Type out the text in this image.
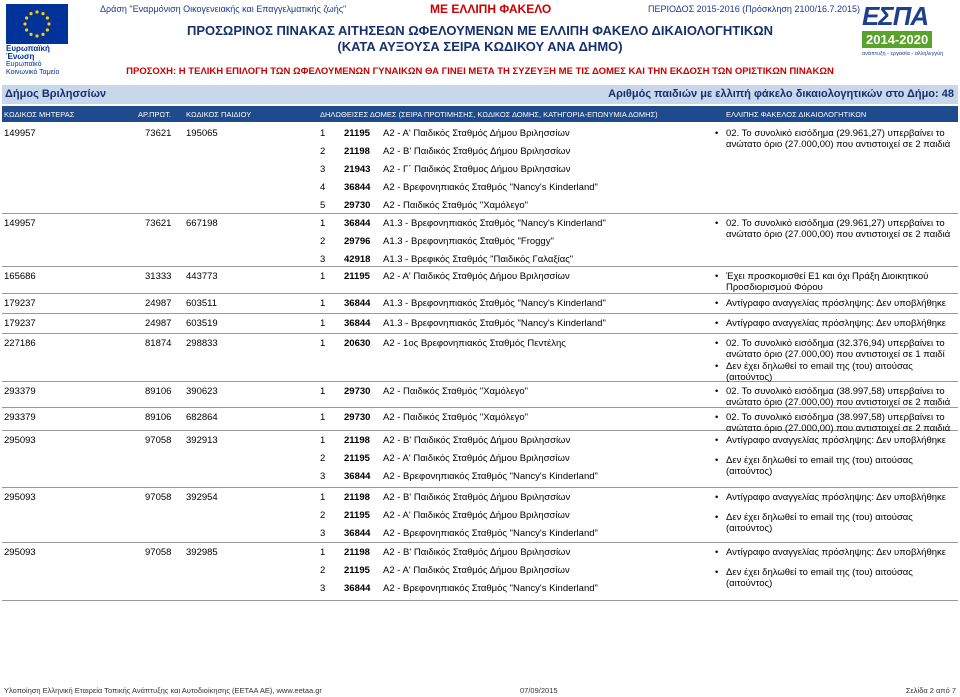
Ευρωπαϊκή Ένωση
Ευρωπαϊκό Κοινωνικό Ταμείο
Δράση "Εναρμόνιση Οικογενειακής και Επαγγελματικής ζωής"	ΜΕ ΕΛΛΙΠΗ ΦΑΚΕΛΟ	ΠΕΡΙΟΔΟΣ 2015-2016 (Πρόσκληση 2100/16.7.2015) ΕΣΠΑ
2014-2020
ανάπτυξη - εργασία - αλληλεγγύη
ΠΡΟΣΩΡΙΝΟΣ ΠΙΝΑΚΑΣ ΑΙΤΗΣΕΩΝ ΩΦΕΛΟΥΜΕΝΩΝ ΜΕ ΕΛΛΙΠΗ ΦΑΚΕΛΟ ΔΙΚΑΙΟΛΟΓΗΤΙΚΩΝ
(ΚΑΤΑ ΑΥΞΟΥΣΑ ΣΕΙΡΑ ΚΩΔΙΚΟΥ ΑΝΑ ΔΗΜΟ)
ΠΡΟΣΟΧΗ: Η ΤΕΛΙΚΗ ΕΠΙΛΟΓΗ ΤΩΝ ΩΦΕΛΟΥΜΕΝΩΝ ΓΥΝΑΙΚΩΝ ΘΑ ΓΙΝΕΙ ΜΕΤΑ ΤΗ ΣΥΖΕΥΞΗ ΜΕ ΤΙΣ ΔΟΜΕΣ ΚΑΙ ΤΗΝ ΕΚΔΟΣΗ ΤΩΝ ΟΡΙΣΤΙΚΩΝ ΠΙΝΑΚΩΝ
Δήμος Βριλησσίων	Αριθμός παιδιών με ελλιπή φάκελο δικαιολογητικών στο Δήμο: 48
ΚΩΔΙΚΟΣ ΜΗΤΕΡΑΣ	ΑΡ.ΠΡΩΤ. ΚΩΔΙΚΟΣ ΠΑΙΔΙΟΥ	ΔΗΛΩΘΕΙΣΕΣ ΔΟΜΕΣ (ΣΕΙΡΑ ΠΡΟΤΙΜΗΣΗΣ, ΚΩΔΙΚΟΣ ΔΟΜΗΣ, ΚΑΤΗΓΟΡΙΑ-ΕΠΩΝΥΜΙΑ ΔΟΜΗΣ)	ΕΛΛΙΠΗΣ ΦΑΚΕΛΟΣ ΔΙΚΑΙΟΛΟΓΗΤΙΚΩΝ
149957	73621 195065	1 21195 Α2 - Α' Παιδικός Σταθμός Δήμου Βριλησσίων
2 21198 Α2 - Β' Παιδικός Σταθμός Δήμου Βριλησσίων
3 21943 Α2 - Γ΄ Παιδικός Σταθμος Δήμου Βριλησσίων
4 36844 Α2 - Βρεφονηπιακός Σταθμός "Nancy's Kinderland"
5 29730 Α2 - Παιδικός Σταθμός "Χαμόλεγο"
• 02. Το συνολικό εισόδημα (29.961,27) υπερβαίνει το ανώτατο όριο (27.000,00) που αντιστοιχεί σε 2 παιδιά
149957	73621 667198	1 36844 Α1.3 - Βρεφονηπιακός Σταθμός "Nancy's Kinderland"
2 29796 Α1.3 - Βρεφονηπιακός Σταθμός "Froggy"
3 42918 Α1.3 - Βρεφικός Σταθμός "Παιδικός Γαλαξίας"
• 02. Το συνολικό εισόδημα (29.961,27) υπερβαίνει το ανώτατο όριο (27.000,00) που αντιστοιχεί σε 2 παιδιά
165686	31333 443773	1 21195 Α2 - Α' Παιδικός Σταθμός Δήμου Βριλησσίων	• Έχει προσκομισθεί Ε1 και όχι Πράξη Διοικητικού Προσδιορισμού Φόρου
179237	24987 603511	1 36844 Α1.3 - Βρεφονηπιακός Σταθμός "Nancy's Kinderland"	• Αντίγραφο αναγγελίας πρόσληψης: Δεν υποβλήθηκε
179237	24987 603519	1 36844 Α1.3 - Βρεφονηπιακός Σταθμός "Nancy's Kinderland"	• Αντίγραφο αναγγελίας πρόσληψης: Δεν υποβλήθηκε
227186	81874 298833	1 20630 Α2 - 1ος Βρεφονηπιακός Σταθμός Πεντέλης	• 02. Το συνολικό εισόδημα (32.376,94) υπερβαίνει το ανώτατο όριο (27.000,00) που αντιστοιχεί σε 1 παιδί
• Δεν έχει δηλωθεί το email της (του) αιτούσας (αιτούντος)
293379	89106 390623	1 29730 Α2 - Παιδικός Σταθμός "Χαμόλεγο"	• 02. Το συνολικό εισόδημα (38.997,58) υπερβαίνει το ανώτατο όριο (27.000,00) που αντιστοιχεί σε 2 παιδιά
293379	89106 682864	1 29730 Α2 - Παιδικός Σταθμός "Χαμόλεγο"	• 02. Το συνολικό εισόδημα (38.997,58) υπερβαίνει το ανώτατο όριο (27.000,00) που αντιστοιχεί σε 2 παιδιά
295093	97058 392913	1 21198 Α2 - Β' Παιδικός Σταθμός Δήμου Βριλησσίων
2 21195 Α2 - Α' Παιδικός Σταθμός Δήμου Βριλησσίων
3 36844 Α2 - Βρεφονηπιακός Σταθμός "Nancy's Kinderland"
• Αντίγραφο αναγγελίας πρόσληψης: Δεν υποβλήθηκε
• Δεν έχει δηλωθεί το email της (του) αιτούσας (αιτούντος)
295093	97058 392954	1 21198 Α2 - Β' Παιδικός Σταθμός Δήμου Βριλησσίων
2 21195 Α2 - Α' Παιδικός Σταθμός Δήμου Βριλησσίων
3 36844 Α2 - Βρεφονηπιακός Σταθμός "Nancy's Kinderland"
• Αντίγραφο αναγγελίας πρόσληψης: Δεν υποβλήθηκε
• Δεν έχει δηλωθεί το email της (του) αιτούσας (αιτούντος)
295093	97058 392985	1 21198 Α2 - Β' Παιδικός Σταθμός Δήμου Βριλησσίων
2 21195 Α2 - Α' Παιδικός Σταθμός Δήμου Βριλησσίων
3 36844 Α2 - Βρεφονηπιακός Σταθμός "Nancy's Kinderland"
• Αντίγραφο αναγγελίας πρόσληψης: Δεν υποβλήθηκε
• Δεν έχει δηλωθεί το email της (του) αιτούσας (αιτούντος)
Υλοποίηση Ελληνική Εταιρεία Τοπικής Ανάπτυξης και Αυτοδιοίκησης (ΕΕΤΑΑ ΑΕ), www.eetaa.gr	07/09/2015	Σελίδα 2 από 7
